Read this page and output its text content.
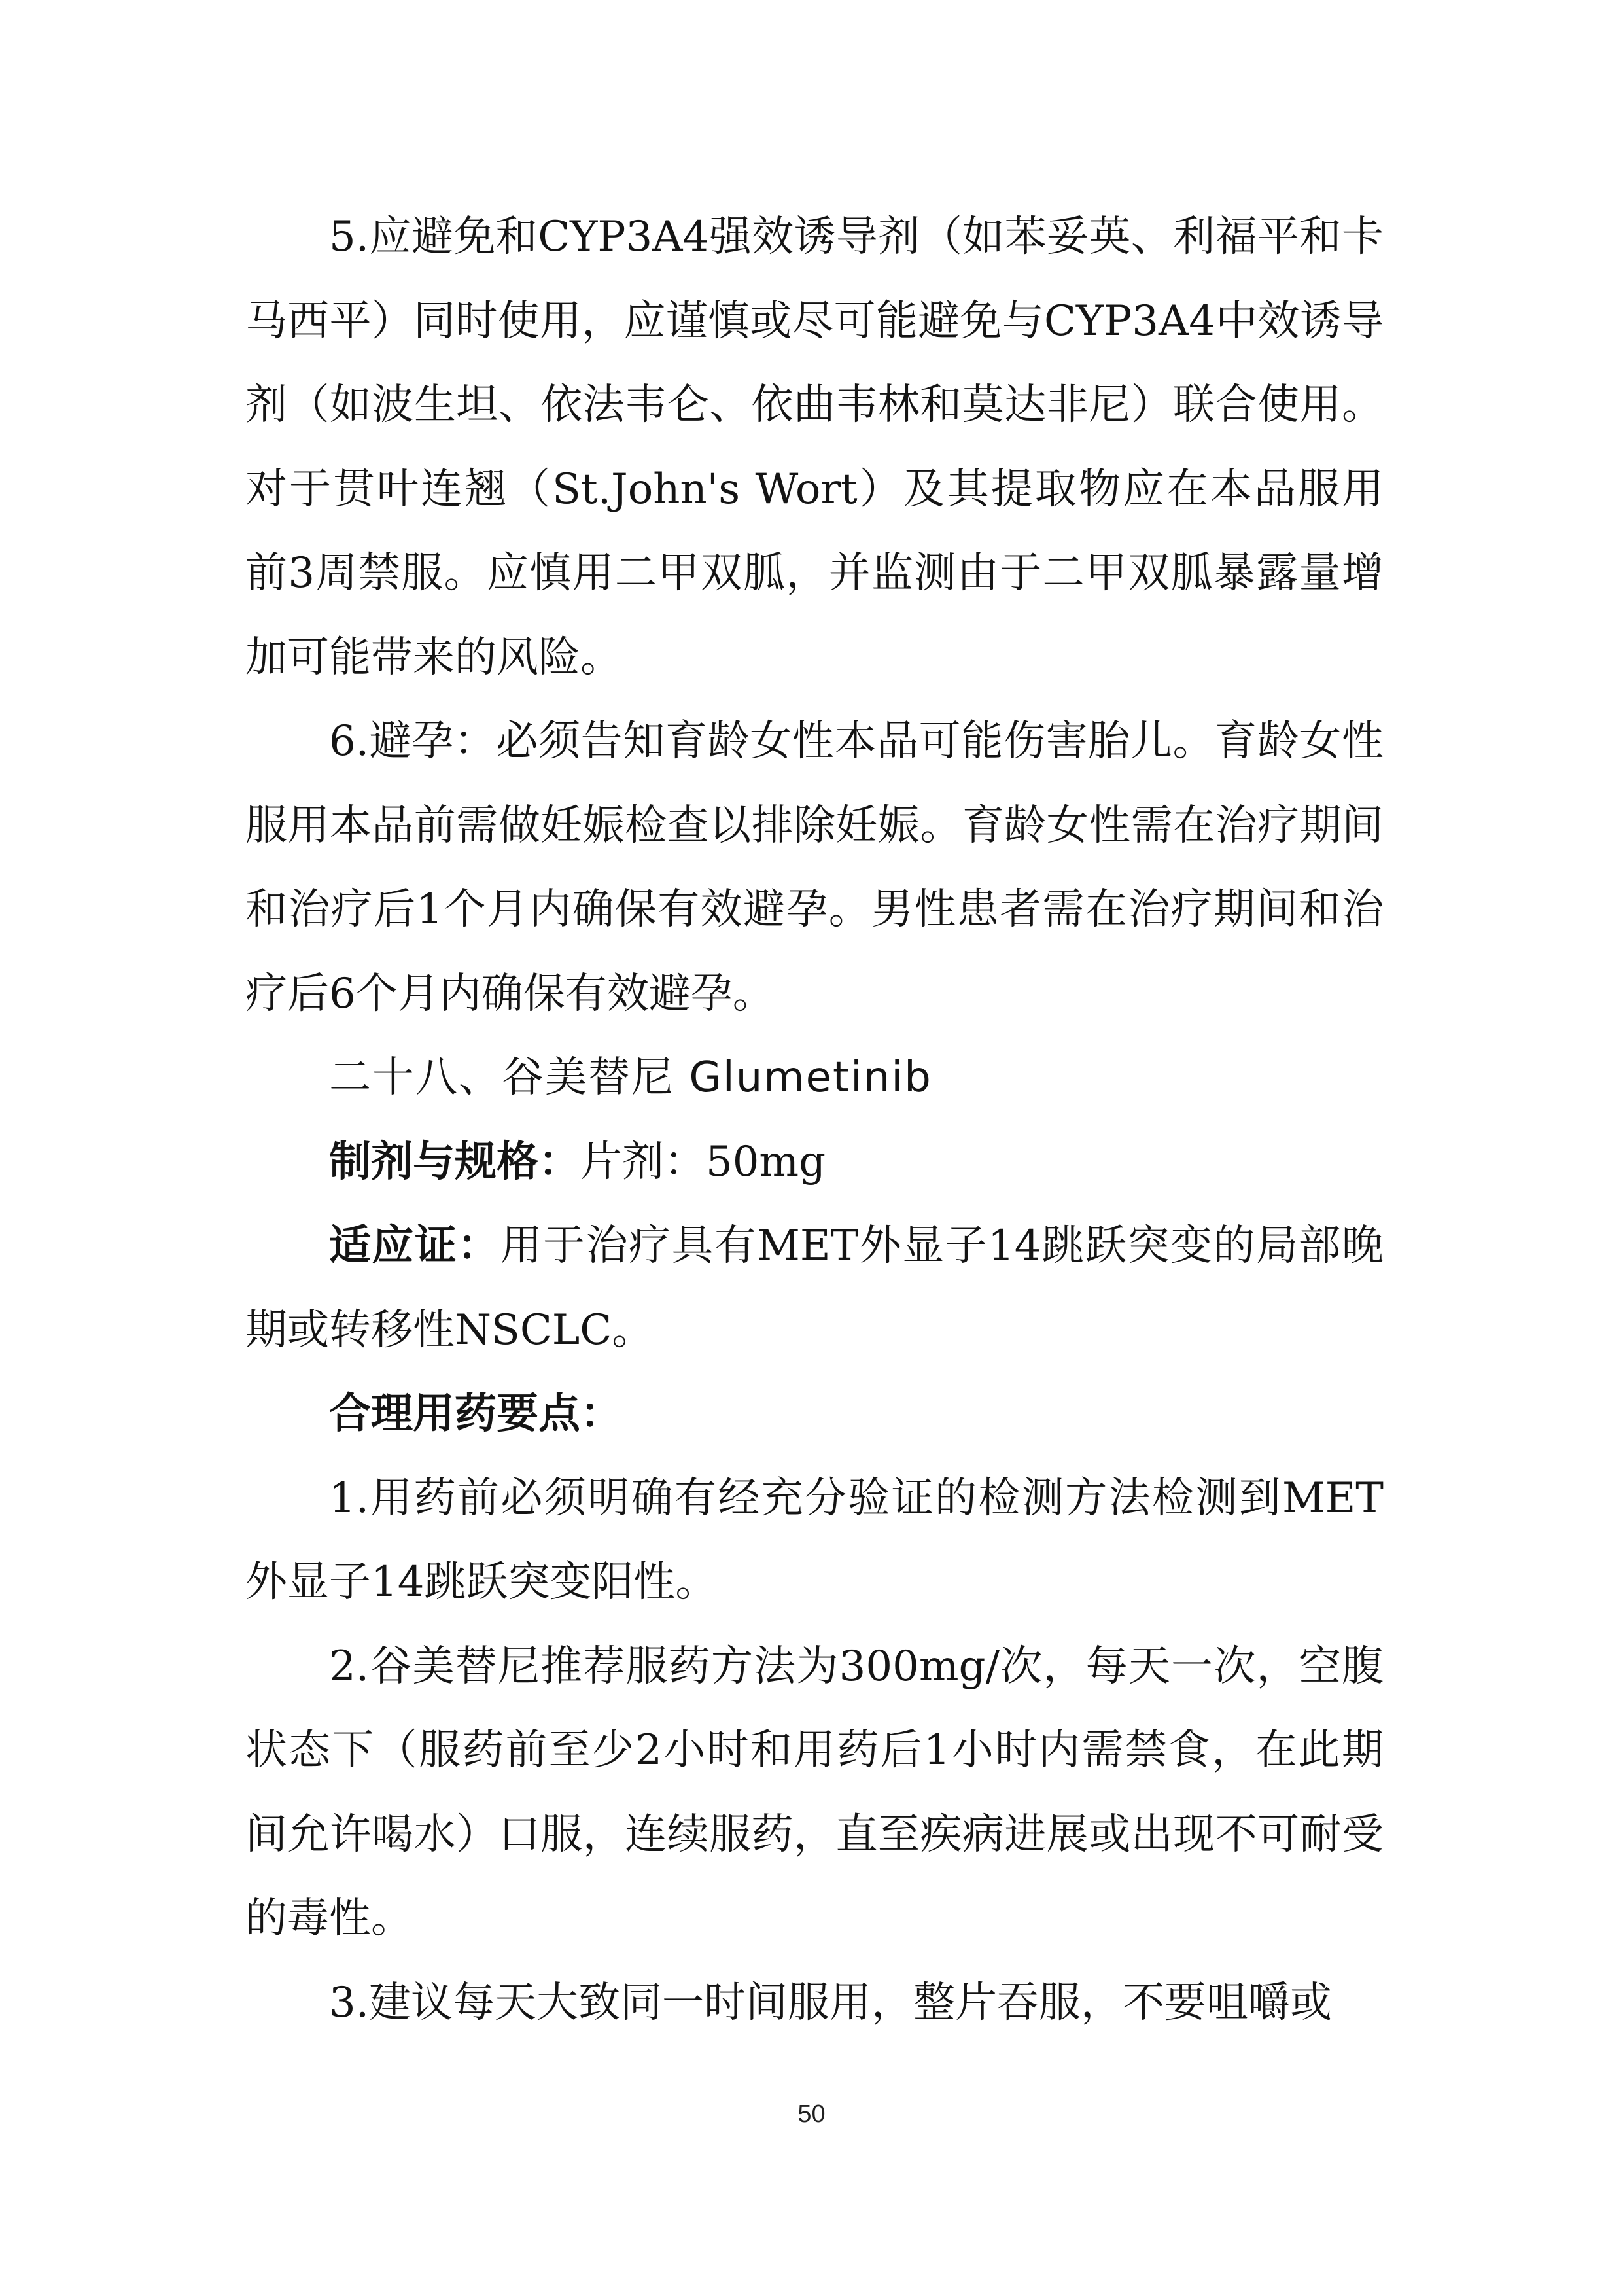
5.应避免和CYP3A4强效诱导剂（如苯妥英、利福平和卡马西平）同时使用，应谨慎或尽可能避免与CYP3A4中效诱导剂（如波生坦、依法韦仑、依曲韦林和莫达非尼）联合使用。对于贯叶连翘（St.John's Wort）及其提取物应在本品服用前3周禁服。应慎用二甲双胍，并监测由于二甲双胍暴露量增加可能带来的风险。

6.避孕：必须告知育龄女性本品可能伤害胎儿。育龄女性服用本品前需做妊娠检查以排除妊娠。育龄女性需在治疗期间和治疗后1个月内确保有效避孕。男性患者需在治疗期间和治疗后6个月内确保有效避孕。

二十八、谷美替尼 Glumetinib

制剂与规格：片剂：50mg

适应证：用于治疗具有MET外显子14跳跃突变的局部晚期或转移性NSCLC。

合理用药要点：

1.用药前必须明确有经充分验证的检测方法检测到MET外显子14跳跃突变阳性。

2.谷美替尼推荐服药方法为300mg/次，每天一次，空腹状态下（服药前至少2小时和用药后1小时内需禁食，在此期间允许喝水）口服，连续服药，直至疾病进展或出现不可耐受的毒性。

3.建议每天大致同一时间服用，整片吞服，不要咀嚼或

50
